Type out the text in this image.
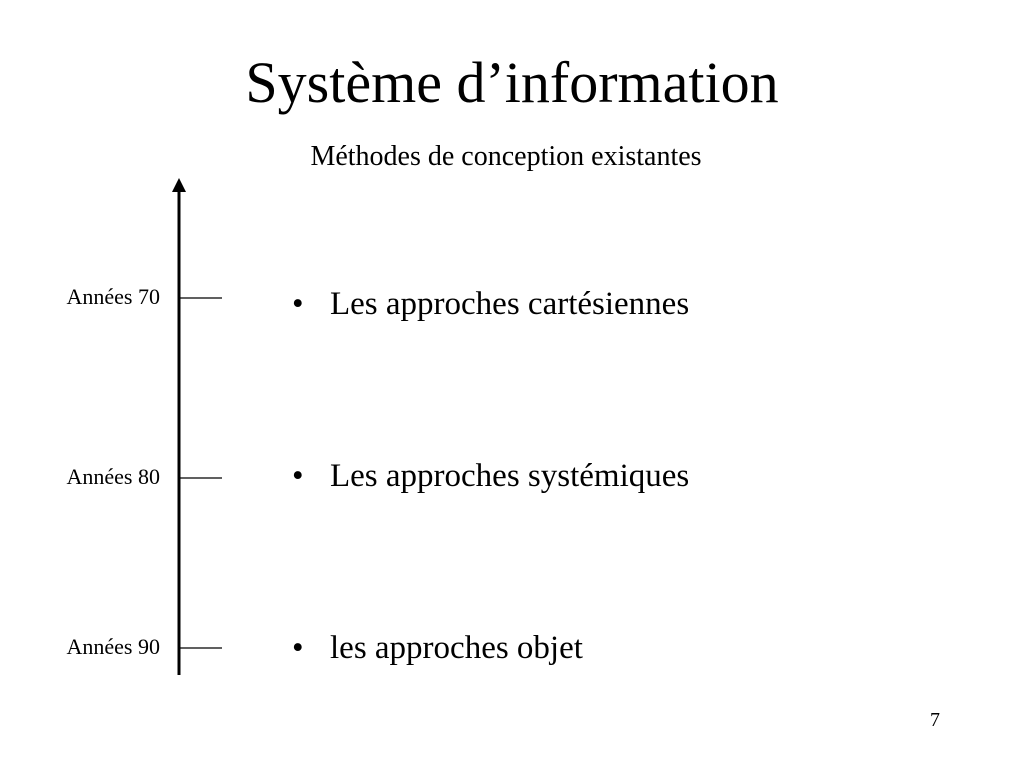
Système d’information

Méthodes de conception existantes

Années 70
Années 80
Années 90
• Les approches cartésiennes
• Les approches systémiques
• les approches objet
7
